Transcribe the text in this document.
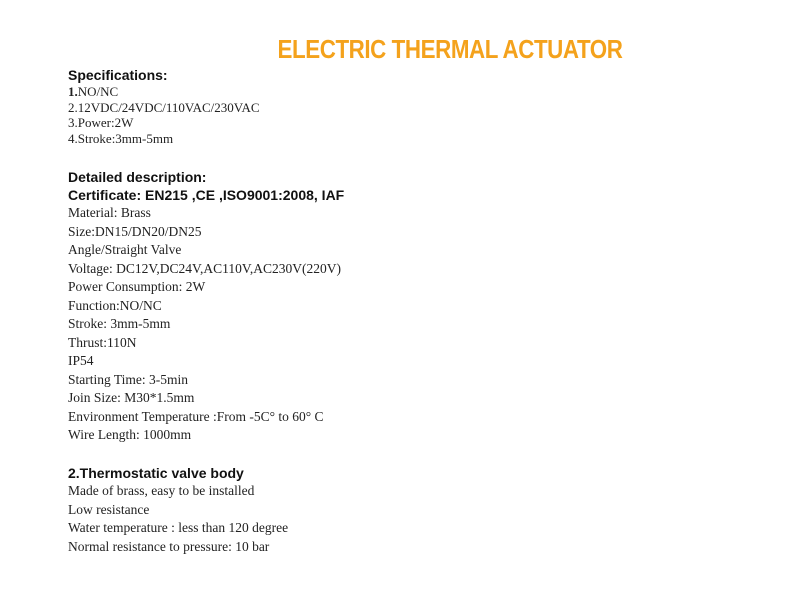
ELECTRIC THERMAL ACTUATOR
Specifications:
1.NO/NC
2.12VDC/24VDC/110VAC/230VAC
3.Power:2W
4.Stroke:3mm-5mm
Detailed description:
Certificate: EN215 ,CE ,ISO9001:2008, IAF
Material: Brass
Size:DN15/DN20/DN25
Angle/Straight Valve
Voltage: DC12V,DC24V,AC110V,AC230V(220V)
Power Consumption: 2W
Function:NO/NC
Stroke: 3mm-5mm
Thrust:110N
IP54
Starting Time: 3-5min
Join Size: M30*1.5mm
Environment Temperature :From -5C° to 60° C
Wire Length: 1000mm
2.Thermostatic valve body
Made of brass, easy to be installed
Low resistance
Water temperature : less than 120 degree
Normal resistance to pressure: 10 bar
